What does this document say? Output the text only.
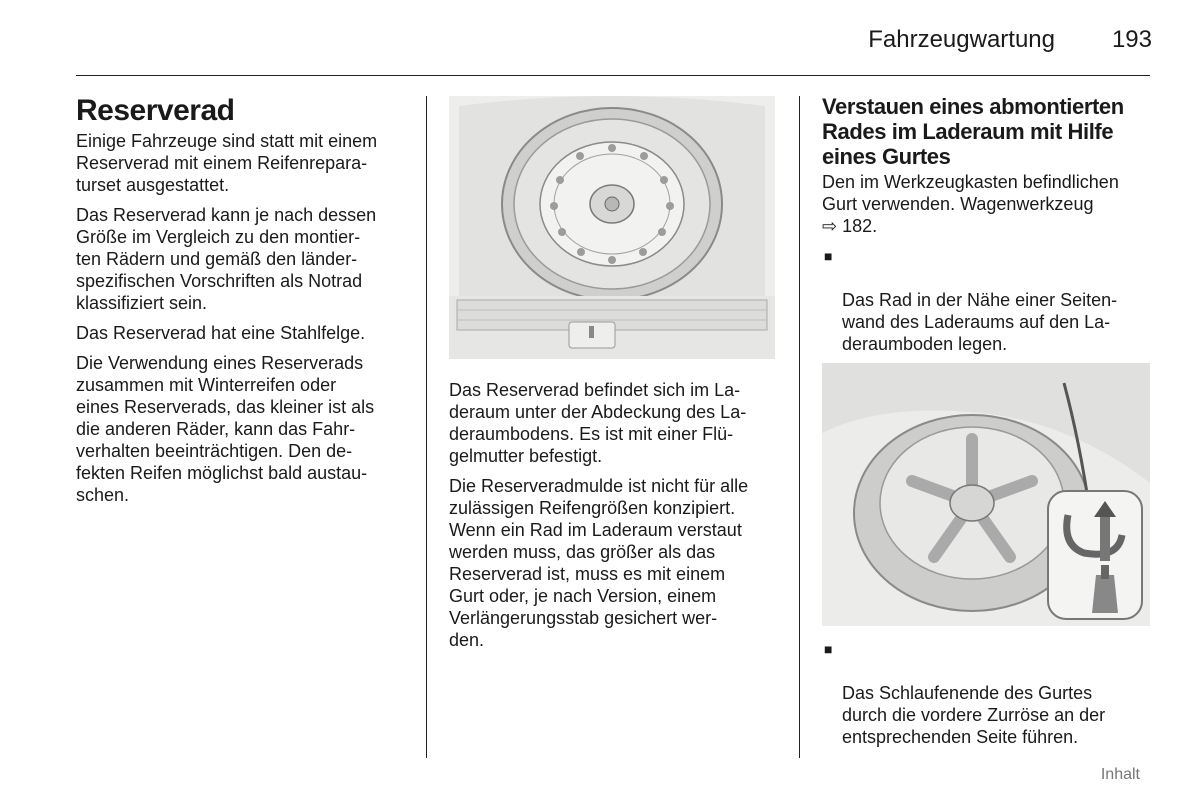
Fahrzeugwartung 193
Reserverad

Einige Fahrzeuge sind statt mit einem
Reserverad mit einem Reifenrepara-
turset ausgestattet.

Das Reserverad kann je nach dessen
Größe im Vergleich zu den montier-
ten Rädern und gemäß den länder-
spezifischen Vorschriften als Notrad
klassifiziert sein.

Das Reserverad hat eine Stahlfelge.

Die Verwendung eines Reserverads
zusammen mit Winterreifen oder
eines Reserverads, das kleiner ist als
die anderen Räder, kann das Fahr-
verhalten beeinträchtigen. Den de-
fekten Reifen möglichst bald austau-
schen.

Das Reserverad befindet sich im La-
deraum unter der Abdeckung des La-
deraumbodens. Es ist mit einer Flü-
gelmutter befestigt.

Die Reserveradmulde ist nicht für alle
zulässigen Reifengrößen konzipiert.
Wenn ein Rad im Laderaum verstaut
werden muss, das größer als das
Reserverad ist, muss es mit einem
Gurt oder, je nach Version, einem
Verlängerungsstab gesichert wer-
den.

Verstauen eines abmontierten
Rades im Laderaum mit Hilfe
eines Gurtes

Den im Werkzeugkasten befindlichen
Gurt verwenden. Wagenwerkzeug
⇨ 182.

■

Das Rad in der Nähe einer Seiten-
wand des Laderaums auf den La-
deraumboden legen.

■

Das Schlaufenende des Gurtes
durch die vordere Zurröse an der
entsprechenden Seite führen.

Inhalt
